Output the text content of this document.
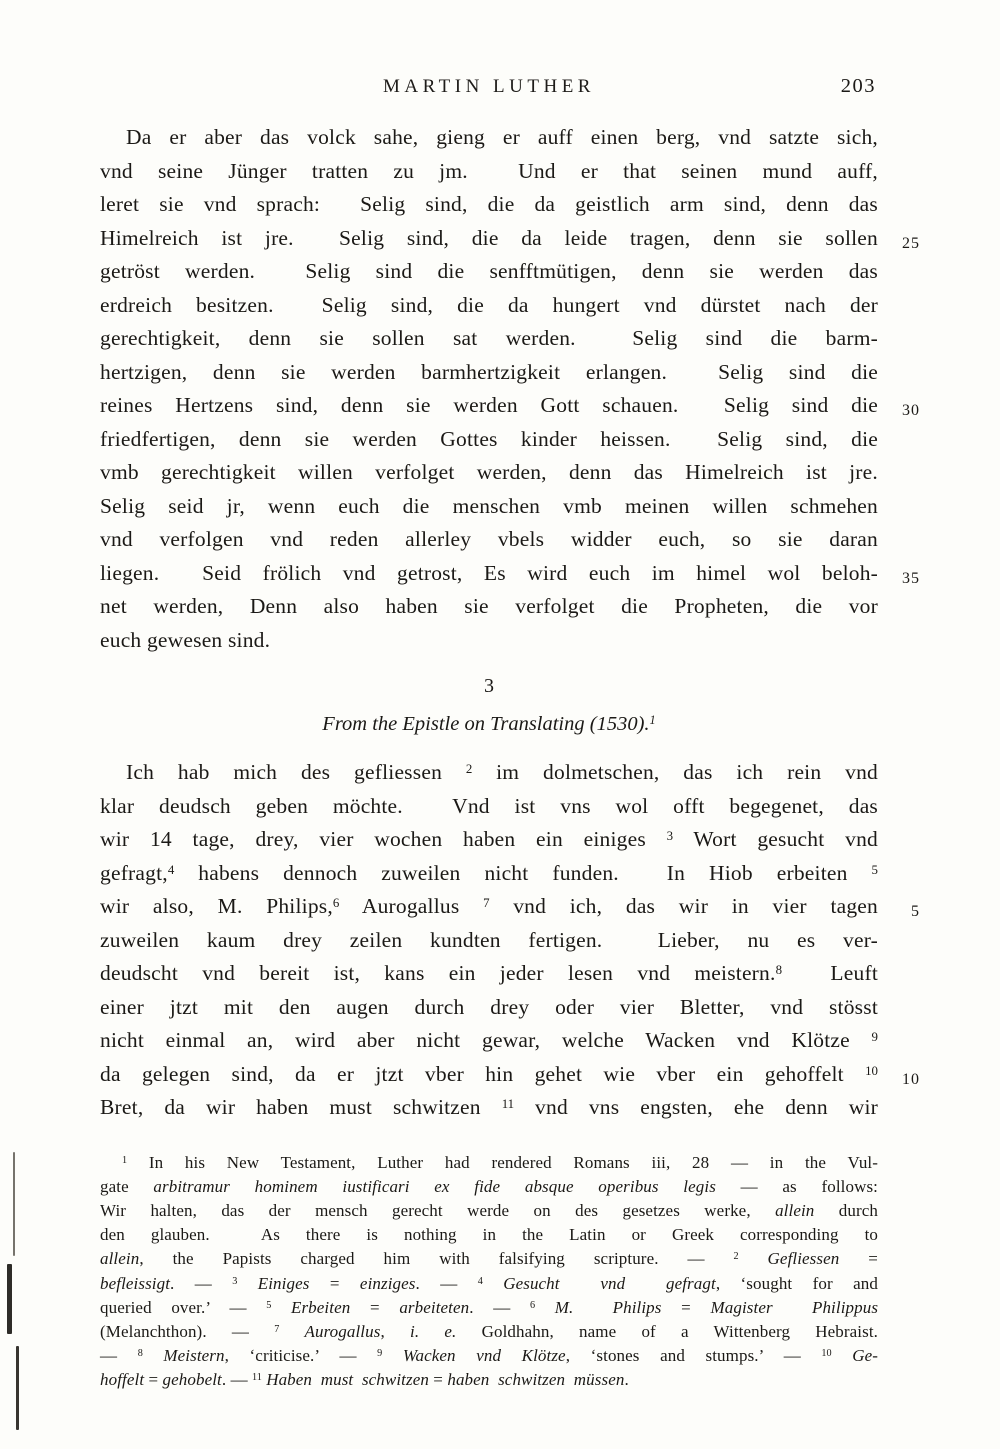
MARTIN LUTHER	203
Da er aber das volck sahe, gieng er auff einen berg, vnd satzte sich,
vnd seine Jünger tratten zu jm.  Und er that seinen mund auff,
leret sie vnd sprach:  Selig sind, die da geistlich arm sind, denn das
Himelreich ist jre.  Selig sind, die da leide tragen, denn sie sollen 25
getröst werden.  Selig sind die senfftmütigen, denn sie werden das
erdreich besitzen.  Selig sind, die da hungert vnd dürstet nach der
gerechtigkeit, denn sie sollen sat werden.  Selig sind die barm-
hertzigen, denn sie werden barmhertzigkeit erlangen.  Selig sind die
reines Hertzens sind, denn sie werden Gott schauen.  Selig sind die 30
friedfertigen, denn sie werden Gottes kinder heissen.  Selig sind, die
vmb gerechtigkeit willen verfolget werden, denn das Himelreich ist jre.
Selig seid jr, wenn euch die menschen vmb meinen willen schmehen
vnd verfolgen vnd reden allerley vbels widder euch, so sie daran
liegen.  Seid frölich vnd getrost, Es wird euch im himel wol beloh- 35
net werden, Denn also haben sie verfolget die Propheten, die vor
euch gewesen sind.
3
From the Epistle on Translating (1530).$^1$
Ich hab mich des gefliessen $^2$ im dolmetschen, das ich rein vnd
klar deudsch geben möchte.  Vnd ist vns wol offt begegenet, das
wir 14 tage, drey, vier wochen haben ein einiges $^3$ Wort gesucht vnd
gefragt,$^4$ habens dennoch zuweilen nicht funden.  In Hiob erbeiten $^5$
wir also, M. Philips,$^6$ Aurogallus $^7$ vnd ich, das wir in vier tagen 5
zuweilen kaum drey zeilen kundten fertigen.  Lieber, nu es ver-
deudscht vnd bereit ist, kans ein jeder lesen vnd meistern.$^8$  Leuft
einer jtzt mit den augen durch drey oder vier Bletter, vnd stösst
nicht einmal an, wird aber nicht gewar, welche Wacken vnd Klötze $^9$
da gelegen sind, da er jtzt vber hin gehet wie vber ein gehoffelt $^{10}$ 10
Bret, da wir haben must schwitzen $^{11}$ vnd vns engsten, ehe denn wir
$^1$ In his New Testament, Luther had rendered Romans iii, 28 — in the Vul-
gate arbitramur hominem iustificari ex fide absque operibus legis — as follows:
Wir halten, das der mensch gerecht werde on des gesetzes werke, allein durch
den glauben.  As there is nothing in the Latin or Greek corresponding to
allein, the Papists charged him with falsifying scripture. — $^2$ Gefliessen =
befleissigt. — $^3$ Einiges = einziges. — $^4$ Gesucht  vnd  gefragt, ‘sought for and
queried over.’ — $^5$ Erbeiten = arbeiteten. — $^6$ M.  Philips = Magister  Philippus
(Melanchthon). — $^7$ Aurogallus, i. e. Goldhahn, name of a Wittenberg Hebraist.
— $^8$ Meistern, ‘criticise.’ — $^9$ Wacken vnd Klötze, ‘stones and stumps.’ — $^{10}$ Ge-
hoffelt = gehobelt. — $^{11}$ Haben  must  schwitzen = haben  schwitzen  müssen.
